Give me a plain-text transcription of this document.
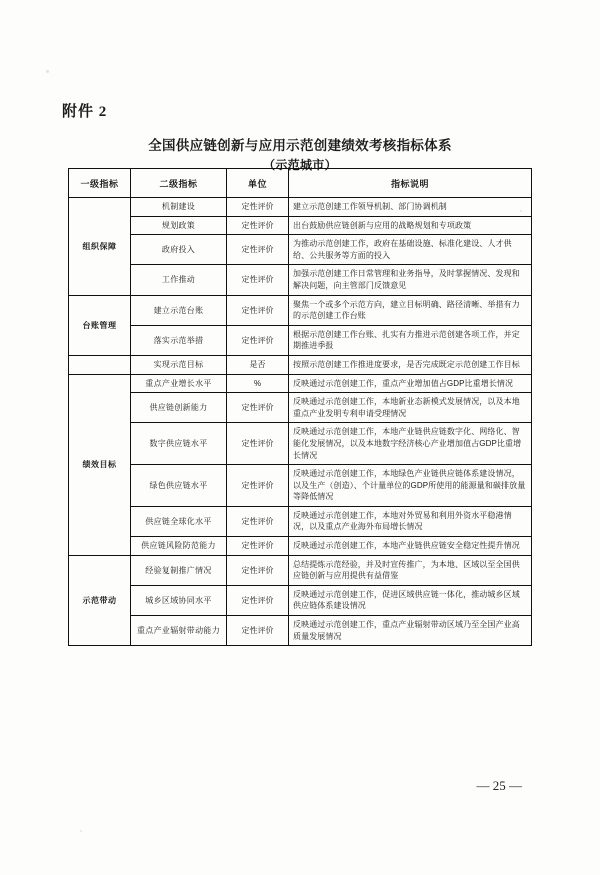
附件 2
全国供应链创新与应用示范创建绩效考核指标体系
（示范城市）
一级指标	二级指标	单位	指标说明
组织保障	机制建设	定性评价	建立示范创建工作领导机制、部门协调机制
	规划政策	定性评价	出台鼓励供应链创新与应用的战略规划和专项政策
	政府投入	定性评价	为推动示范创建工作，政府在基础设施、标准化建设、人才供给、公共服务等方面的投入
	工作推动	定性评价	加强示范创建工作日常管理和业务指导，及时掌握情况、发现和解决问题，向主管部门反馈意见
台账管理	建立示范台账	定性评价	聚焦一个或多个示范方向，建立目标明确、路径清晰、举措有力的示范创建工作台账
	落实示范举措	定性评价	根据示范创建工作台账、扎实有力推进示范创建各项工作，并定期推进季报
	实现示范目标	是否	按照示范创建工作推进度要求，是否完成既定示范创建工作目标
绩效目标	重点产业增长水平	%	反映通过示范创建工作，重点产业增加值占GDP比重增长情况
	供应链创新能力	定性评价	反映通过示范创建工作，本地新业态新模式发展情况，以及本地重点产业发明专利申请受理情况
	数字供应链水平	定性评价	反映通过示范创建工作，本地产业链供应链数字化、网络化、智能化发展情况，以及本地数字经济核心产业增加值占GDP比重增长情况
	绿色供应链水平	定性评价	反映通过示范创建工作，本地绿色产业链供应链体系建设情况，以及生产（创造）、个计量单位的GDP所使用的能源量和碳排放量等降低情况
	供应链全球化水平	定性评价	反映通过示范创建工作，本地对外贸易和利用外资水平稳港情况，以及重点产业海外布局增长情况
	供应链风险防范能力	定性评价	反映通过示范创建工作，本地产业链供应链安全稳定性提升情况
示范带动	经验复制推广情况	定性评价	总结提炼示范经验，并及时宣传推广，为本地、区域以至全国供应链创新与应用提供有益借鉴
	城乡区域协同水平	定性评价	反映通过示范创建工作，促进区域供应链一体化，推动城乡区域供应链体系建设情况
	重点产业辐射带动能力	定性评价	反映通过示范创建工作，重点产业辐射带动区域乃至全国产业高质量发展情况
— 25 —
